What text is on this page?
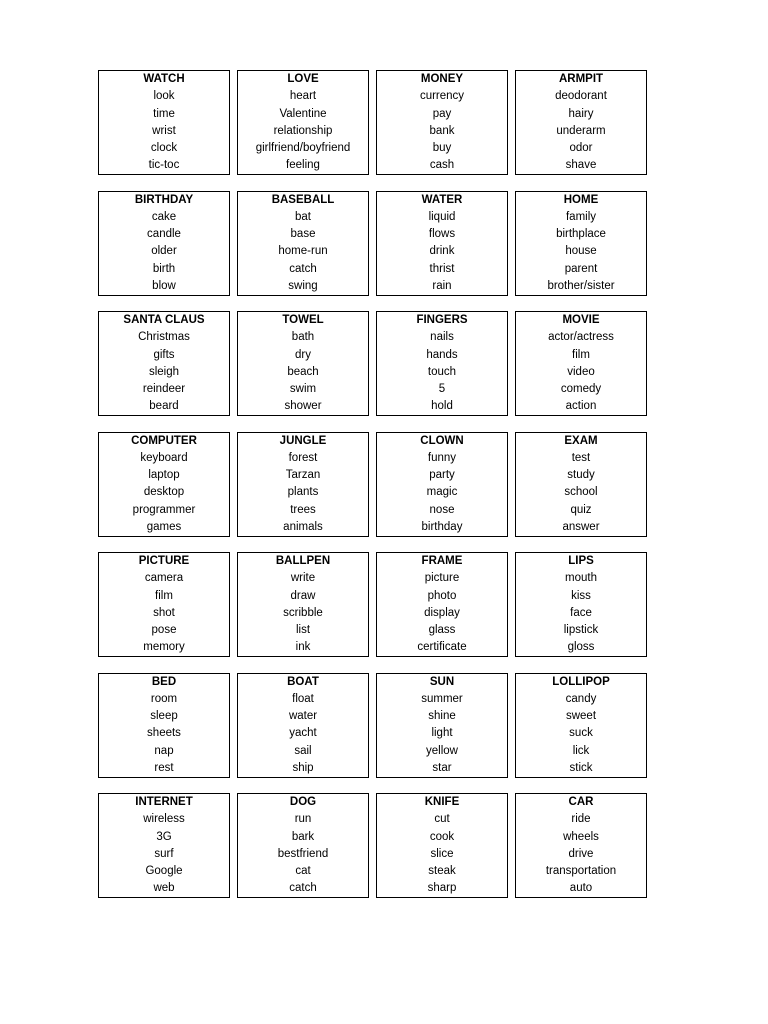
WATCH
look
time
wrist
clock
tic-toc
LOVE
heart
Valentine
relationship
girlfriend/boyfriend
feeling
MONEY
currency
pay
bank
buy
cash
ARMPIT
deodorant
hairy
underarm
odor
shave
BIRTHDAY
cake
candle
older
birth
blow
BASEBALL
bat
base
home-run
catch
swing
WATER
liquid
flows
drink
thrist
rain
HOME
family
birthplace
house
parent
brother/sister
SANTA CLAUS
Christmas
gifts
sleigh
reindeer
beard
TOWEL
bath
dry
beach
swim
shower
FINGERS
nails
hands
touch
5
hold
MOVIE
actor/actress
film
video
comedy
action
COMPUTER
keyboard
laptop
desktop
programmer
games
JUNGLE
forest
Tarzan
plants
trees
animals
CLOWN
funny
party
magic
nose
birthday
EXAM
test
study
school
quiz
answer
PICTURE
camera
film
shot
pose
memory
BALLPEN
write
draw
scribble
list
ink
FRAME
picture
photo
display
glass
certificate
LIPS
mouth
kiss
face
lipstick
gloss
BED
room
sleep
sheets
nap
rest
BOAT
float
water
yacht
sail
ship
SUN
summer
shine
light
yellow
star
LOLLIPOP
candy
sweet
suck
lick
stick
INTERNET
wireless
3G
surf
Google
web
DOG
run
bark
bestfriend
cat
catch
KNIFE
cut
cook
slice
steak
sharp
CAR
ride
wheels
drive
transportation
auto
